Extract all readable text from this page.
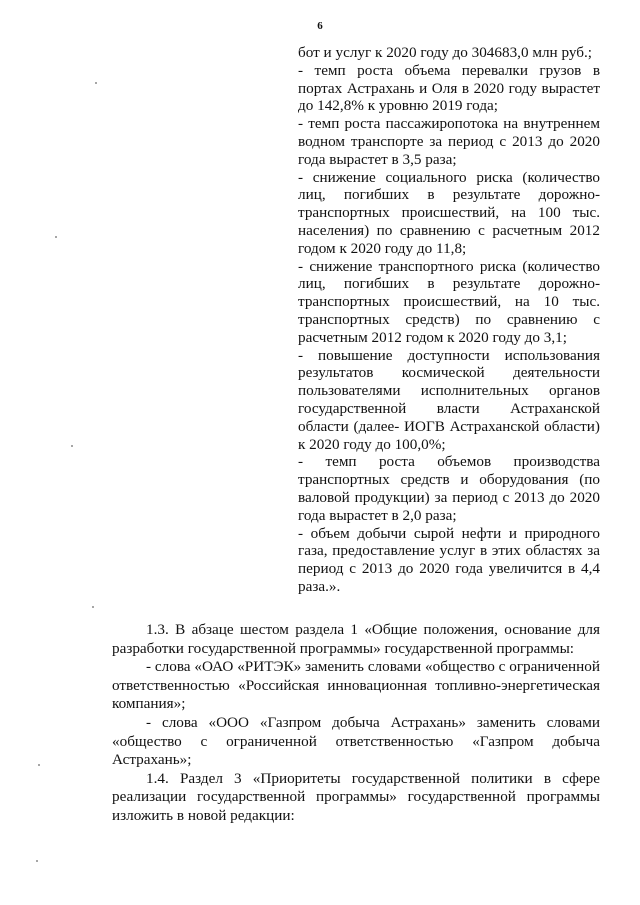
6

бот и услуг к 2020 году до 304683,0 млн руб.;

- темп роста объема перевалки грузов в портах Астрахань и Оля в 2020 году вырастет до 142,8% к уровню 2019 года;

- темп роста пассажиропотока на внутреннем водном транспорте за период с 2013 до 2020 года вырастет в 3,5 раза;

- снижение социального риска (количество лиц, погибших в результате дорожно-транспортных происшествий, на 100 тыс. населения) по сравнению с расчетным 2012 годом к 2020 году до 11,8;

- снижение транспортного риска (количество лиц, погибших в результате дорожно-транспортных происшествий, на 10 тыс. транспортных средств) по сравнению с расчетным 2012 годом к 2020 году до 3,1;

- повышение доступности использования результатов космической деятельности пользователями исполнительных органов государственной власти Астраханской области (далее- ИОГВ Астраханской области) к 2020 году до 100,0%;

- темп роста объемов производства транспортных средств и оборудования (по валовой продукции) за период с 2013 до 2020 года вырастет в 2,0 раза;

- объем добычи сырой нефти и природного газа, предоставление услуг в этих областях за период с 2013 до 2020 года увеличится в 4,4 раза.».

1.3. В абзаце шестом раздела 1 «Общие положения, основание для разработки государственной программы» государственной программы:

- слова «ОАО «РИТЭК» заменить словами «общество с ограниченной ответственностью «Российская инновационная топливно-энергетическая компания»;

- слова «ООО «Газпром добыча Астрахань» заменить словами «общество с ограниченной ответственностью «Газпром добыча Астрахань»;

1.4. Раздел 3 «Приоритеты государственной политики в сфере реализации государственной программы» государственной программы изложить в новой редакции:
